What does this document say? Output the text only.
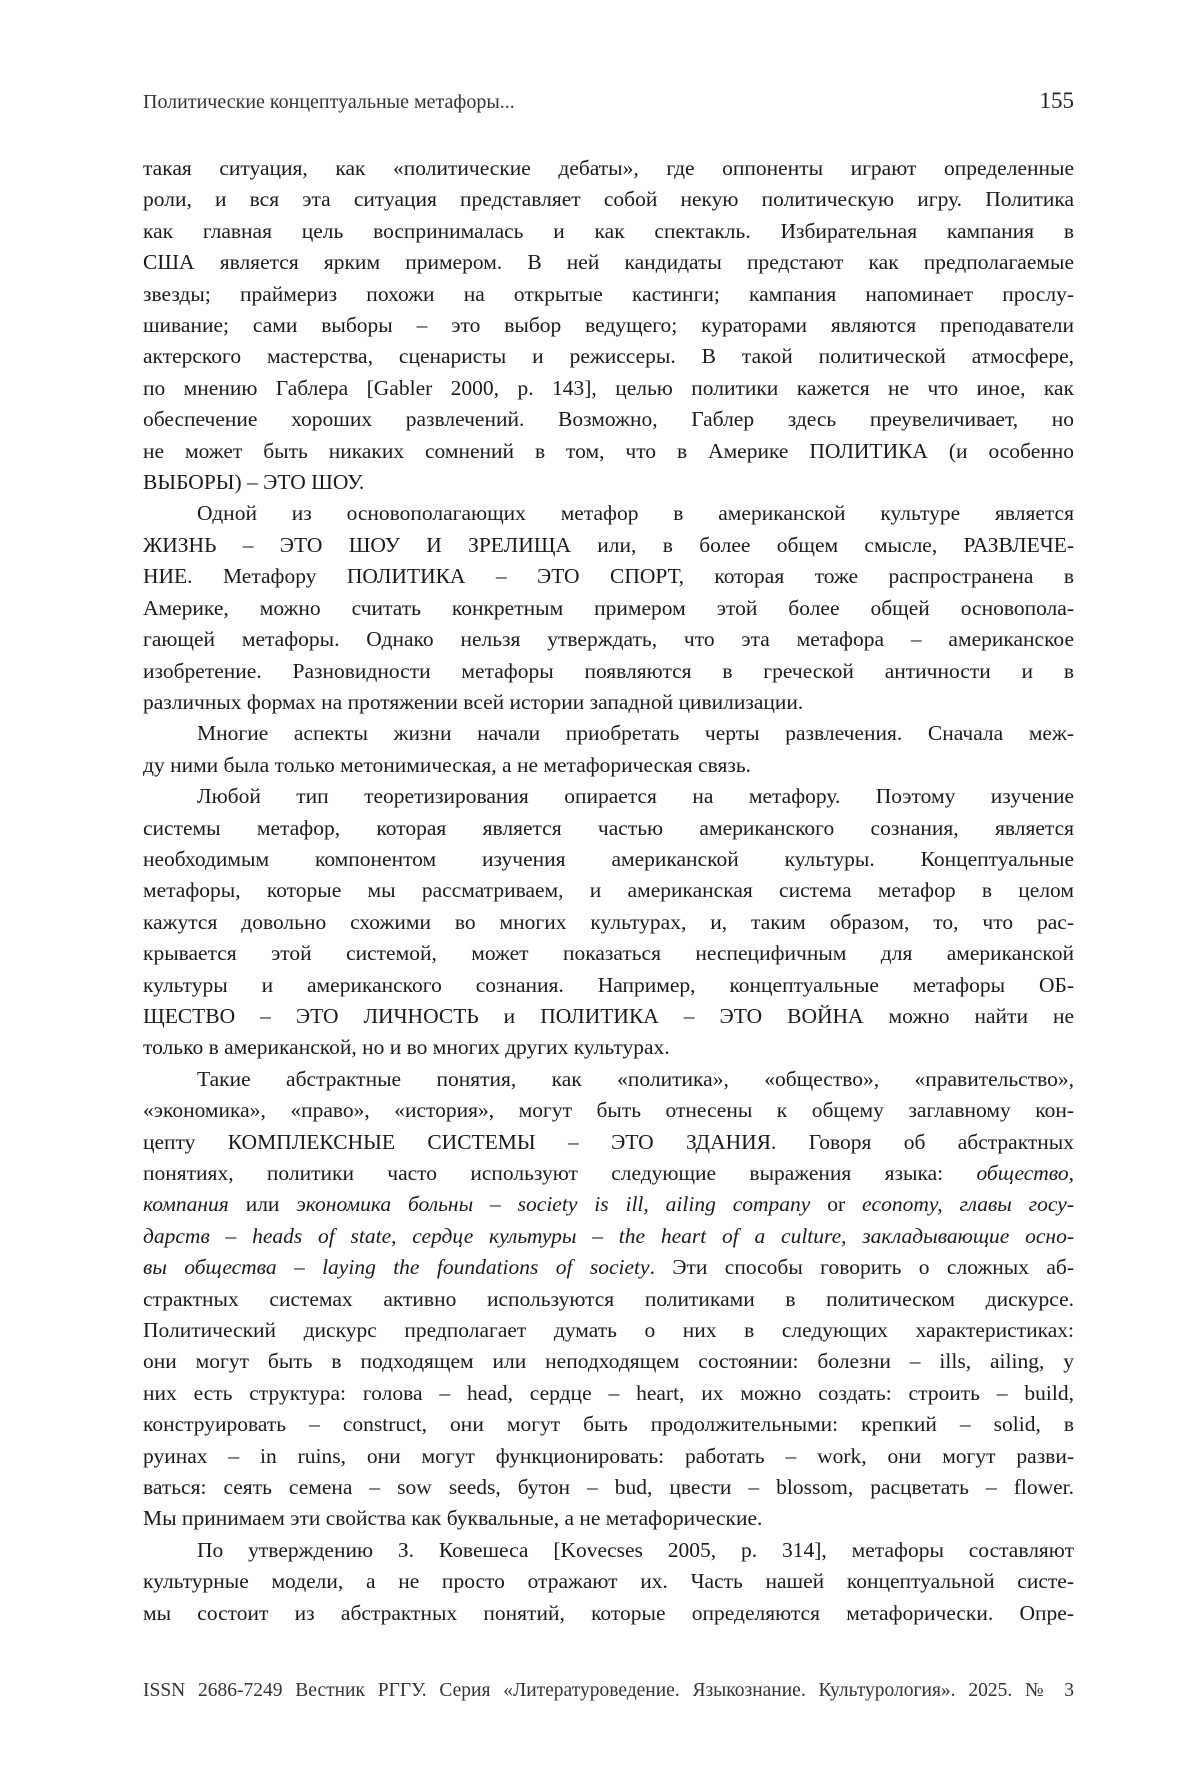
Политические концептуальные метафоры...	155
такая ситуация, как «политические дебаты», где оппоненты играют определенные
роли, и вся эта ситуация представляет собой некую политическую игру. Политика
как главная цель воспринималась и как спектакль. Избирательная кампания в
США является ярким примером. В ней кандидаты предстают как предполагаемые
звезды; праймериз похожи на открытые кастинги; кампания напоминает прослу-
шивание; сами выборы – это выбор ведущего; кураторами являются преподаватели
актерского мастерства, сценаристы и режиссеры. В такой политической атмосфере,
по мнению Габлера [Gabler 2000, p. 143], целью политики кажется не что иное, как
обеспечение хороших развлечений. Возможно, Габлер здесь преувеличивает, но
не может быть никаких сомнений в том, что в Америке ПОЛИТИКА (и особенно
ВЫБОРЫ) – ЭТО ШОУ.
Одной из основополагающих метафор в американской культуре является
ЖИЗНЬ – ЭТО ШОУ И ЗРЕЛИЩА или, в более общем смысле, РАЗВЛЕЧЕ-
НИЕ. Метафору ПОЛИТИКА – ЭТО СПОРТ, которая тоже распространена в
Америке, можно считать конкретным примером этой более общей основопола-
гающей метафоры. Однако нельзя утверждать, что эта метафора – американское
изобретение. Разновидности метафоры появляются в греческой античности и в
различных формах на протяжении всей истории западной цивилизации.
Многие аспекты жизни начали приобретать черты развлечения. Сначала меж-
ду ними была только метонимическая, а не метафорическая связь.
Любой тип теоретизирования опирается на метафору. Поэтому изучение
системы метафор, которая является частью американского сознания, является
необходимым компонентом изучения американской культуры. Концептуальные
метафоры, которые мы рассматриваем, и американская система метафор в целом
кажутся довольно схожими во многих культурах, и, таким образом, то, что рас-
крывается этой системой, может показаться неспецифичным для американской
культуры и американского сознания. Например, концептуальные метафоры ОБ-
ЩЕСТВО – ЭТО ЛИЧНОСТЬ и ПОЛИТИКА – ЭТО ВОЙНА можно найти не
только в американской, но и во многих других культурах.
Такие абстрактные понятия, как «политика», «общество», «правительство»,
«экономика», «право», «история», могут быть отнесены к общему заглавному кон-
цепту КОМПЛЕКСНЫЕ СИСТЕМЫ – ЭТО ЗДАНИЯ. Говоря об абстрактных
понятиях, политики часто используют следующие выражения языка: общество,
компания или экономика больны – society is ill, ailing company or economy, главы госу-
дарств – heads of state, сердце культуры – the heart of a culture, закладывающие осно-
вы общества – laying the foundations of society. Эти способы говорить о сложных аб-
страктных системах активно используются политиками в политическом дискурсе.
Политический дискурс предполагает думать о них в следующих характеристиках:
они могут быть в подходящем или неподходящем состоянии: болезни – ills, ailing, у
них есть структура: голова – head, сердце – heart, их можно создать: строить – build,
конструировать – construct, они могут быть продолжительными: крепкий – solid, в
руинах – in ruins, они могут функционировать: работать – work, они могут разви-
ваться: сеять семена – sow seeds, бутон – bud, цвести – blossom, расцветать – flower.
Мы принимаем эти свойства как буквальные, а не метафорические.
По утверждению З. Ковешеса [Kovecses 2005, p. 314], метафоры составляют
культурные модели, а не просто отражают их. Часть нашей концептуальной систе-
мы состоит из абстрактных понятий, которые определяются метафорически. Опре-
ISSN 2686-7249 Вестник РГГУ. Серия «Литературоведение. Языкознание. Культурология». 2025. № 3
